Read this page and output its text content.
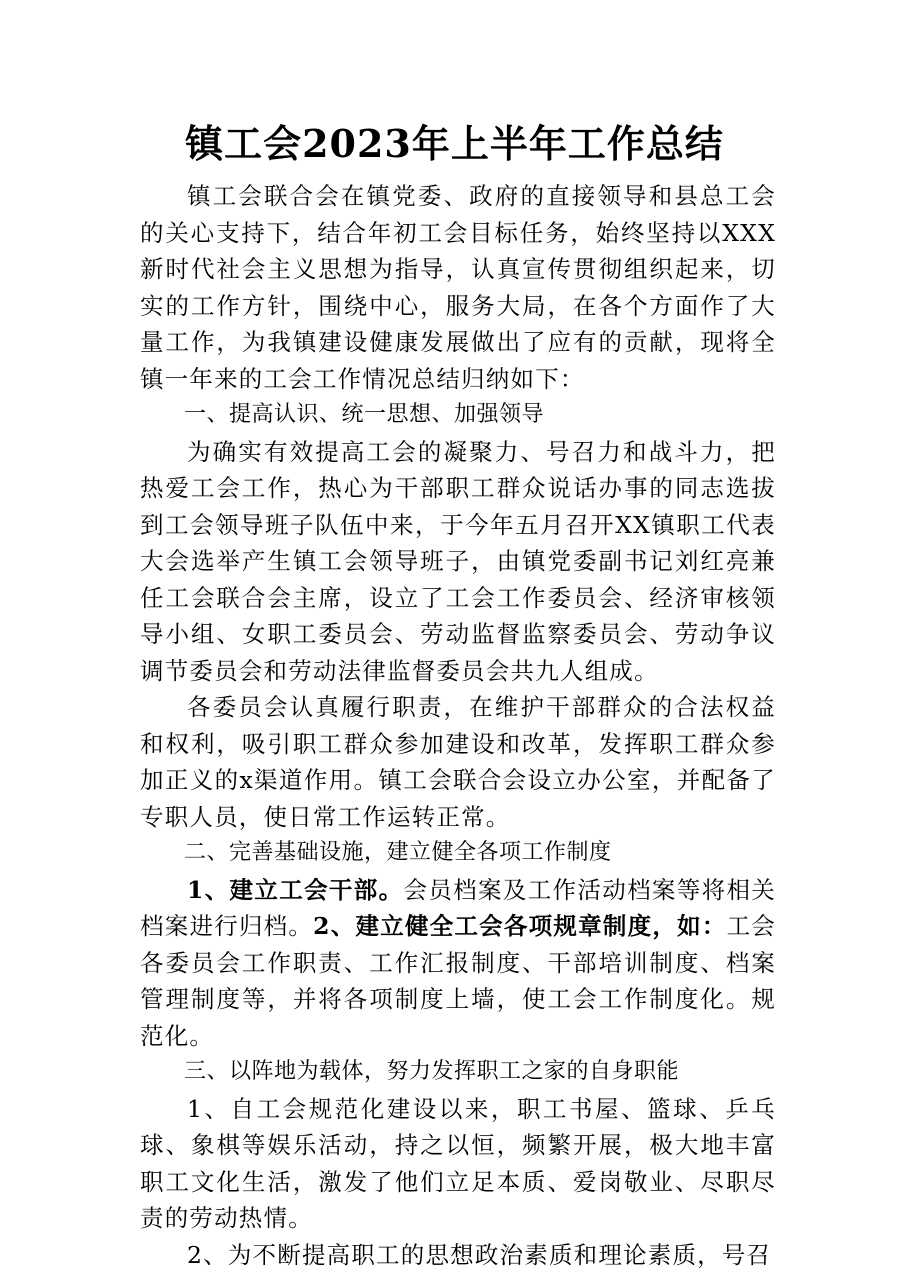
镇工会2023年上半年工作总结

镇工会联合会在镇党委、政府的直接领导和县总工会的关心支持下，结合年初工会目标任务，始终坚持以XXX新时代社会主义思想为指导，认真宣传贯彻组织起来，切实的工作方针，围绕中心，服务大局，在各个方面作了大量工作，为我镇建设健康发展做出了应有的贡献，现将全镇一年来的工会工作情况总结归纳如下：

一、提高认识、统一思想、加强领导

为确实有效提高工会的凝聚力、号召力和战斗力，把热爱工会工作，热心为干部职工群众说话办事的同志选拔到工会领导班子队伍中来，于今年五月召开XX镇职工代表大会选举产生镇工会领导班子，由镇党委副书记刘红亮兼任工会联合会主席，设立了工会工作委员会、经济审核领导小组、女职工委员会、劳动监督监察委员会、劳动争议调节委员会和劳动法律监督委员会共九人组成。

各委员会认真履行职责，在维护干部群众的合法权益和权利，吸引职工群众参加建设和改革，发挥职工群众参加正义的x渠道作用。镇工会联合会设立办公室，并配备了专职人员，使日常工作运转正常。

二、完善基础设施，建立健全各项工作制度

1、建立工会干部。会员档案及工作活动档案等将相关档案进行归档。2、建立健全工会各项规章制度，如：工会各委员会工作职责、工作汇报制度、干部培训制度、档案管理制度等，并将各项制度上墙，使工会工作制度化。规范化。

三、以阵地为载体，努力发挥职工之家的自身职能

1、自工会规范化建设以来，职工书屋、篮球、乒乓球、象棋等娱乐活动，持之以恒，频繁开展，极大地丰富职工文化生活，激发了他们立足本质、爱岗敬业、尽职尽责的劳动热情。

2、为不断提高职工的思想政治素质和理论素质，号召
